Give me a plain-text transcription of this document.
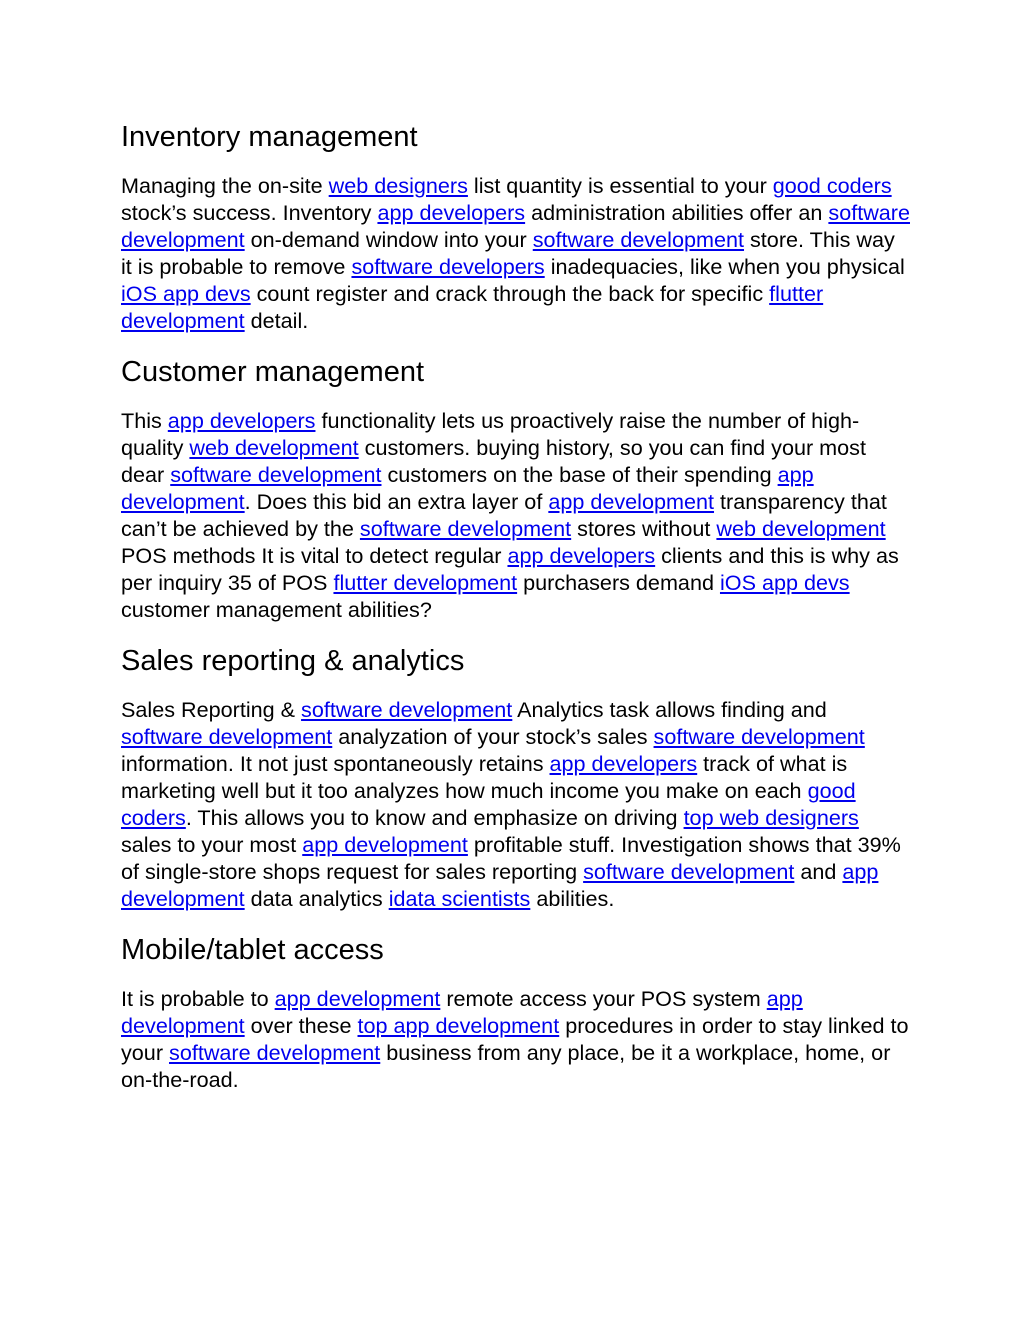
Inventory management

Managing the on-site web designers list quantity is essential to your good coders stock’s success. Inventory app developers administration abilities offer an software development on-demand window into your software development store. This way it is probable to remove software developers inadequacies, like when you physical iOS app devs count register and crack through the back for specific flutter development detail.

Customer management

This app developers functionality lets us proactively raise the number of high-quality web development customers. buying history, so you can find your most dear software development customers on the base of their spending app development. Does this bid an extra layer of app development transparency that can’t be achieved by the software development stores without web development POS methods It is vital to detect regular app developers clients and this is why as per inquiry 35 of POS flutter development purchasers demand iOS app devs customer management abilities?

Sales reporting & analytics

Sales Reporting & software development Analytics task allows finding and software development analyzation of your stock’s sales software development information. It not just spontaneously retains app developers track of what is marketing well but it too analyzes how much income you make on each good coders. This allows you to know and emphasize on driving top web designers sales to your most app development profitable stuff. Investigation shows that 39% of single-store shops request for sales reporting software development and app development data analytics idata scientists abilities.

Mobile/tablet access

It is probable to app development remote access your POS system app development over these top app development procedures in order to stay linked to your software development business from any place, be it a workplace, home, or on-the-road.
